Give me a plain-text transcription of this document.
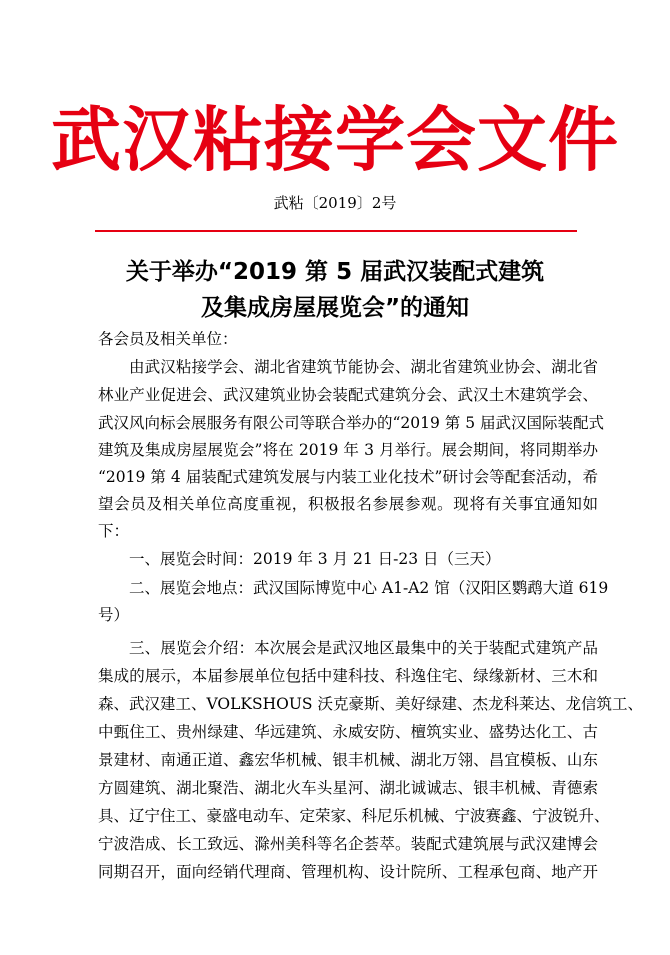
武汉粘接学会文件
武粘〔2019〕2号
关于举办“2019 第 5 届武汉装配式建筑
及集成房屋展览会”的通知
各会员及相关单位：
由武汉粘接学会、湖北省建筑节能协会、湖北省建筑业协会、湖北省
林业产业促进会、武汉建筑业协会装配式建筑分会、武汉土木建筑学会、
武汉风向标会展服务有限公司等联合举办的“2019 第 5 届武汉国际装配式
建筑及集成房屋展览会”将在 2019 年 3 月举行。展会期间，将同期举办
“2019 第 4 届装配式建筑发展与内装工业化技术”研讨会等配套活动，希
望会员及相关单位高度重视，积极报名参展参观。现将有关事宜通知如
下：
一、展览会时间：2019 年 3 月 21 日-23 日（三天）
二、展览会地点：武汉国际博览中心 A1-A2 馆（汉阳区鹦鹉大道 619
号）
三、展览会介绍：本次展会是武汉地区最集中的关于装配式建筑产品
集成的展示，本届参展单位包括中建科技、科逸住宅、绿缘新材、三木和
森、武汉建工、VOLKSHOUS 沃克豪斯、美好绿建、杰龙科莱达、龙信筑工、
中甄住工、贵州绿建、华远建筑、永威安防、檀筑实业、盛势达化工、古
景建材、南通正道、鑫宏华机械、银丰机械、湖北万翎、昌宜模板、山东
方圆建筑、湖北聚浩、湖北火车头星河、湖北诚诚志、银丰机械、青德索
具、辽宁住工、豪盛电动车、定荣家、科尼乐机械、宁波赛鑫、宁波锐升、
宁波浩成、长工致远、滁州美科等名企荟萃。装配式建筑展与武汉建博会
同期召开，面向经销代理商、管理机构、设计院所、工程承包商、地产开
